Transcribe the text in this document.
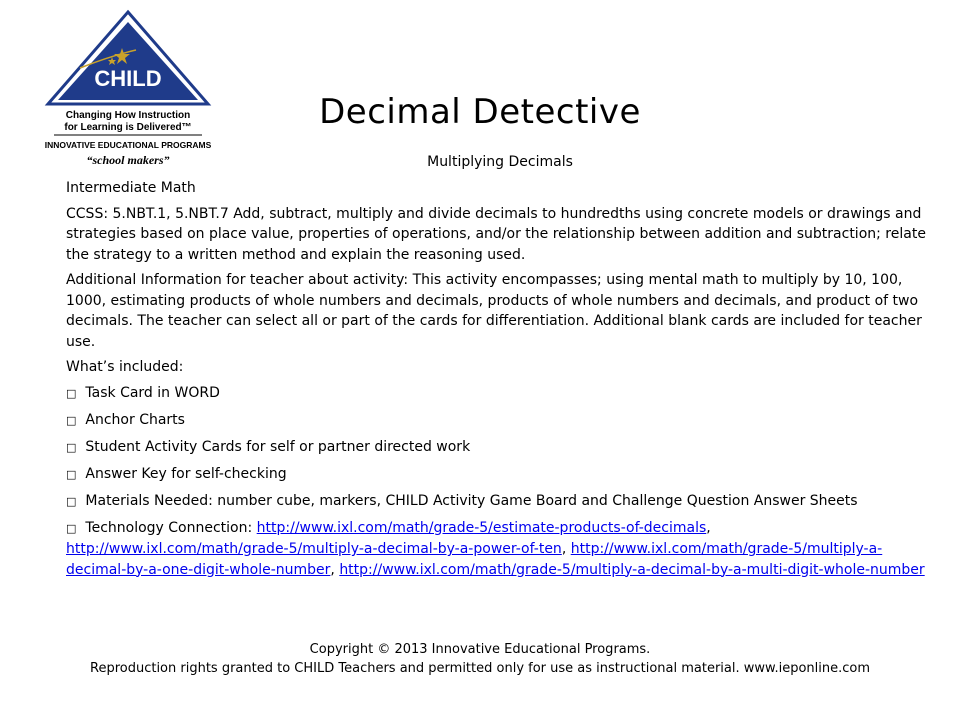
CHILD
Changing How Instruction
for Learning is Delivered™
INNOVATIVE EDUCATIONAL PROGRAMS
“school makers”
Decimal Detective
Multiplying Decimals

Intermediate Math

CCSS: 5.NBT.1, 5.NBT.7 Add, subtract, multiply and divide decimals to hundredths using concrete models or drawings and strategies based on place value, properties of operations, and/or the relationship between addition and subtraction; relate the strategy to a written method and explain the reasoning used.

Additional Information for teacher about activity: This activity encompasses; using mental math to multiply by 10, 100, 1000, estimating products of whole numbers and decimals, products of whole numbers and decimals, and product of two decimals. The teacher can select all or part of the cards for differentiation. Additional blank cards are included for teacher use.

What’s included:

□ Task Card in WORD

□ Anchor Charts

□ Student Activity Cards for self or partner directed work

□ Answer Key for self-checking

□ Materials Needed: number cube, markers, CHILD Activity Game Board and Challenge Question Answer Sheets

□ Technology Connection: http://www.ixl.com/math/grade-5/estimate-products-of-decimals, http://www.ixl.com/math/grade-5/multiply-a-decimal-by-a-power-of-ten, http://www.ixl.com/math/grade-5/multiply-a-decimal-by-a-one-digit-whole-number, http://www.ixl.com/math/grade-5/multiply-a-decimal-by-a-multi-digit-whole-number

Copyright © 2013 Innovative Educational Programs.
Reproduction rights granted to CHILD Teachers and permitted only for use as instructional material. www.ieponline.com
